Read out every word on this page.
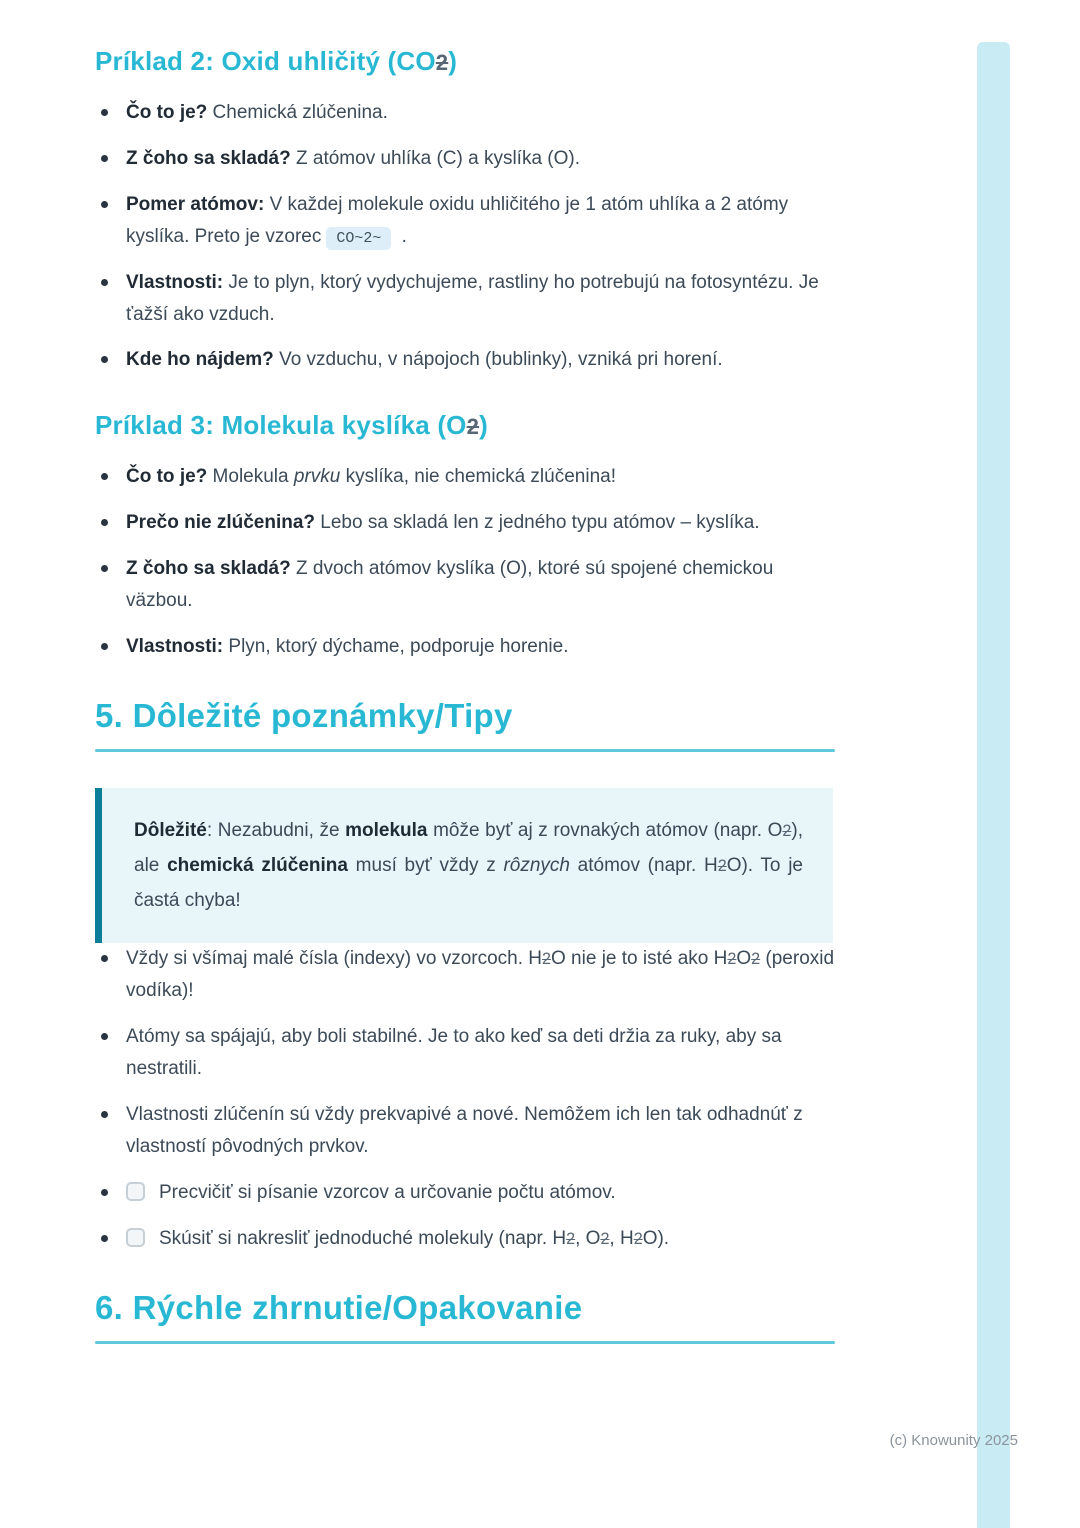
Príklad 2: Oxid uhličitý (CO2)
Čo to je? Chemická zlúčenina.
Z čoho sa skladá? Z atómov uhlíka (C) a kyslíka (O).
Pomer atómov: V každej molekule oxidu uhličitého je 1 atóm uhlíka a 2 atómy kyslíka. Preto je vzorec CO~2~ .
Vlastnosti: Je to plyn, ktorý vydychujeme, rastliny ho potrebujú na fotosyntézu. Je ťažší ako vzduch.
Kde ho nájdem? Vo vzduchu, v nápojoch (bublinky), vzniká pri horení.
Príklad 3: Molekula kyslíka (O2)
Čo to je? Molekula prvku kyslíka, nie chemická zlúčenina!
Prečo nie zlúčenina? Lebo sa skladá len z jedného typu atómov – kyslíka.
Z čoho sa skladá? Z dvoch atómov kyslíka (O), ktoré sú spojené chemickou väzbou.
Vlastnosti: Plyn, ktorý dýchame, podporuje horenie.
5. Dôležité poznámky/Tipy

Dôležité: Nezabudni, že molekula môže byť aj z rovnakých atómov (napr. O2), ale chemická zlúčenina musí byť vždy z rôznych atómov (napr. H2O). To je častá chyba!

Vždy si všímaj malé čísla (indexy) vo vzorcoch. H2O nie je to isté ako H2O2 (peroxid vodíka)!
Atómy sa spájajú, aby boli stabilné. Je to ako keď sa deti držia za ruky, aby sa nestratili.
Vlastnosti zlúčenín sú vždy prekvapivé a nové. Nemôžem ich len tak odhadnúť z vlastností pôvodných prvkov.
Precvičiť si písanie vzorcov a určovanie počtu atómov.
Skúsiť si nakresliť jednoduché molekuly (napr. H2, O2, H2O).
6. Rýchle zhrnutie/Opakovanie
(c) Knowunity 2025
